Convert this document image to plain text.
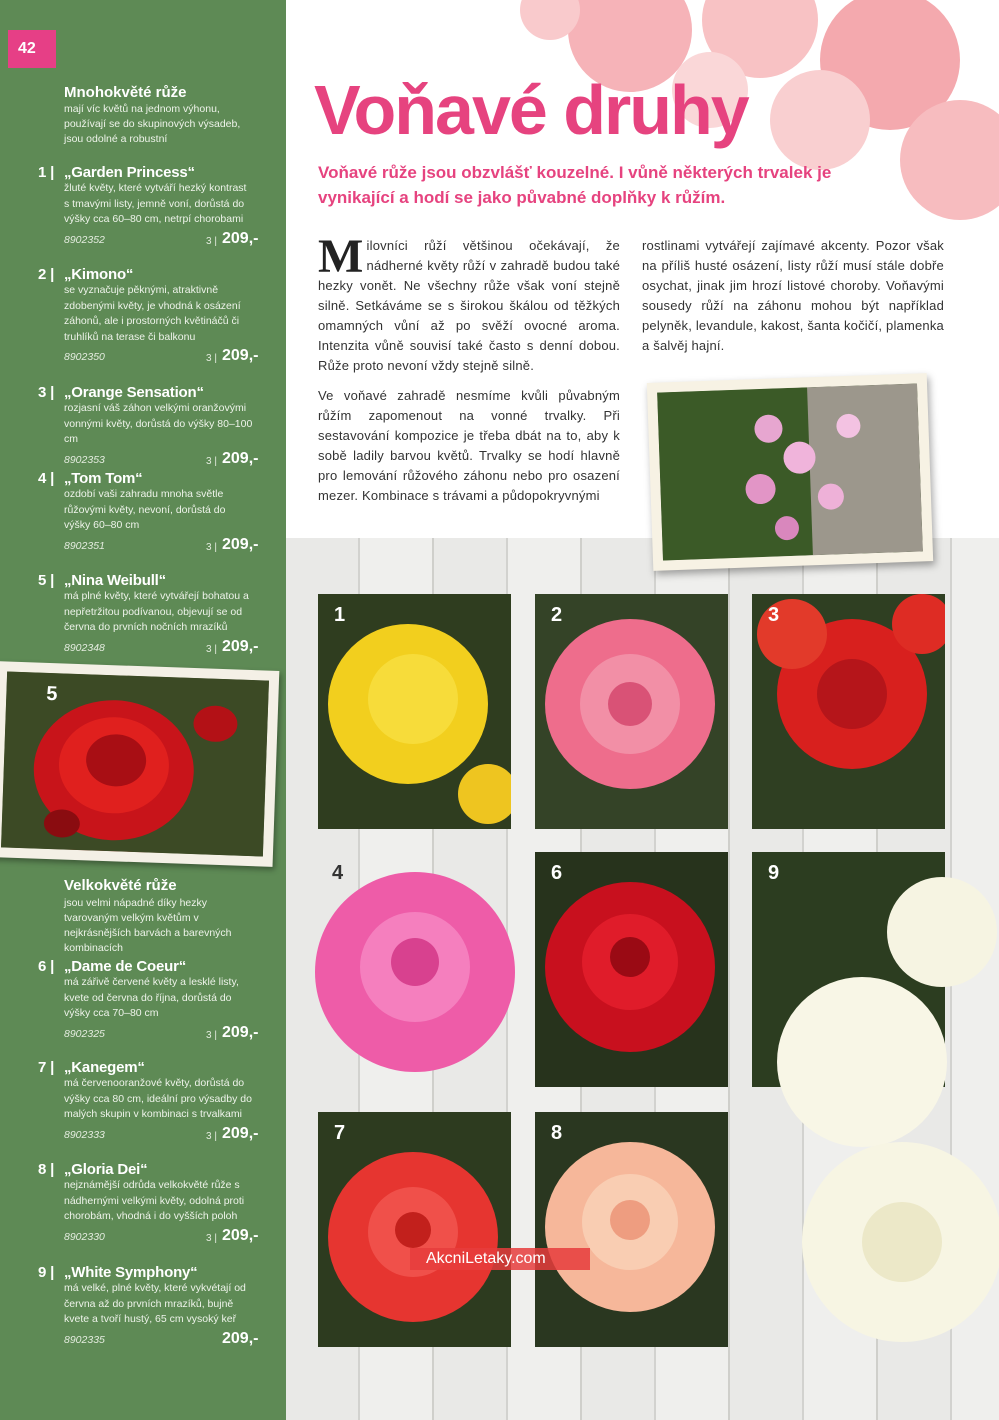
42
Mnohokvěté růže
mají víc květů na jednom výhonu, používají se do skupinových výsadeb, jsou odolné a robustní
1 | „Garden Princess“
žluté květy, které vytváří hezký kontrast s tmavými listy, jemně voní, dorůstá do výšky cca 60–80 cm, netrpí chorobami
8902352	3 | 209,-
2 | „Kimono“
se vyznačuje pěknými, atraktivně zdobenými květy, je vhodná k osázení záhonů, ale i prostorných květináčů či truhlíků na terase či balkonu
8902350	3 | 209,-
3 | „Orange Sensation“
rozjasní váš záhon velkými oranžovými vonnými květy, dorůstá do výšky 80–100 cm
8902353	3 | 209,-
4 | „Tom Tom“
ozdobí vaši zahradu mnoha světle růžovými květy, nevoní, dorůstá do výšky 60–80 cm
8902351	3 | 209,-
5 | „Nina Weibull“
má plné květy, které vytvářejí bohatou a nepřetržitou podívanou, objevují se od června do prvních nočních mrazíků
8902348	3 | 209,-
Velkokvěté růže
jsou velmi nápadné díky hezky tvarovaným velkým květům v nejkrásnějších barvách a barevných kombinacích
6 | „Dame de Coeur“
má zářivě červené květy a lesklé listy, kvete od června do října, dorůstá do výšky cca 70–80 cm
8902325	3 | 209,-
7 | „Kanegem“
má červenooranžové květy, dorůstá do výšky cca 80 cm, ideální pro výsadby do malých skupin v kombinaci s trvalkami
8902333	3 | 209,-
8 | „Gloria Dei“
nejznámější odrůda velkokvěté růže s nádhernými velkými květy, odolná proti chorobám, vhodná i do vyšších poloh
8902330	3 | 209,-
9 | „White Symphony“
má velké, plné květy, které vykvétají od června až do prvních mrazíků, bujně kvete a tvoří hustý, 65 cm vysoký keř
8902335	209,-
5
Voňavé druhy
Voňavé růže jsou obzvlášť kouzelné. I vůně některých trvalek je vynikající a hodí se jako půvabné doplňky k růžím.
Milovníci růží většinou očekávají, že nádherné květy růží v zahradě budou také hezky vonět. Ne všechny růže však voní stejně silně. Setkáváme se s širokou škálou od těžkých omamných vůní až po svěží ovocné aroma. Intenzita vůně souvisí také často s denní dobou. Růže proto nevoní vždy stejně silně.
Ve voňavé zahradě nesmíme kvůli půvabným růžím zapomenout na vonné trvalky. Při sestavování kompozice je třeba dbát na to, aby k sobě ladily barvou květů. Trvalky se hodí hlavně pro lemování růžového záhonu nebo pro osazení mezer. Kombinace s trávami a půdopokryvnými
rostlinami vytvářejí zajímavé akcenty. Pozor však na příliš husté osázení, listy růží musí stále dobře osychat, jinak jim hrozí listové choroby. Voňavými sousedy růží na záhonu mohou být například pelyněk, levandule, kakost, šanta kočičí, plamenka a šalvěj hajní.
1	2	3
4	6	9
7	8
AkcniLetaky.com
